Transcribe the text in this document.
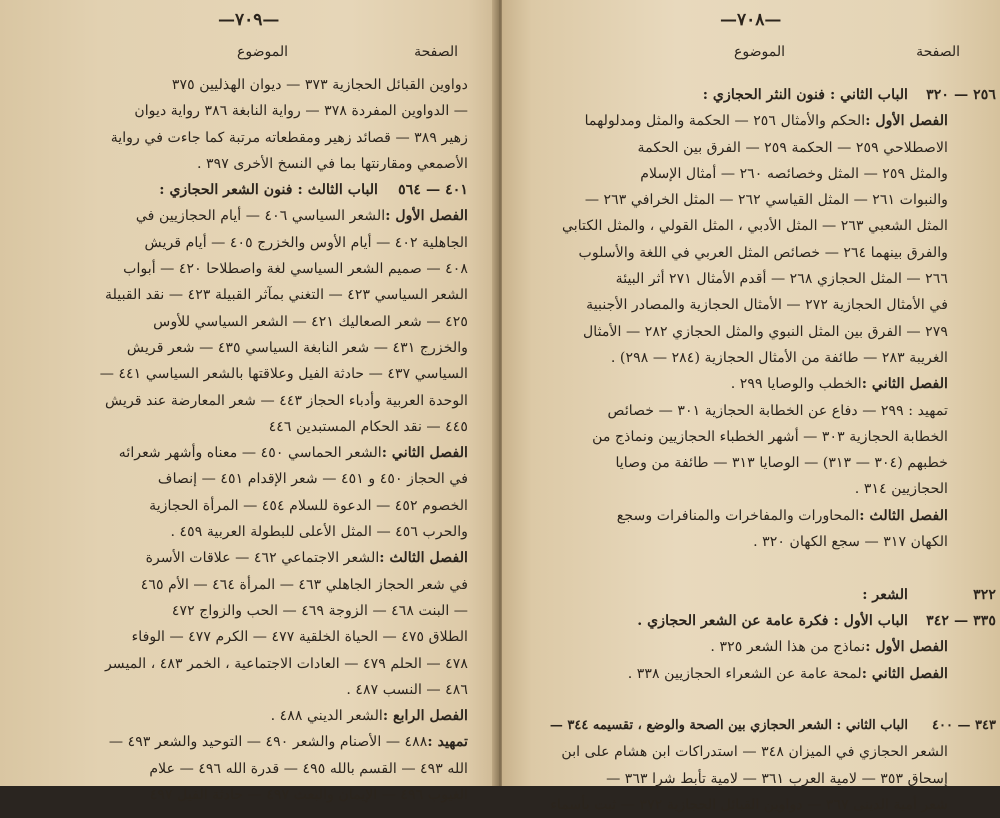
—٧٠٩—
الموضوع	الصفحة
دواوين القبائل الحجازية ٣٧٣ — ديوان الهذليين ٣٧٥
— الدواوين المفردة ٣٧٨ — رواية النابغة ٣٨٦ رواية ديوان
زهير ٣٨٩ — قصائد زهير ومقطعاته مرتبة كما جاءت في رواية
الأصمعي ومقارنتها بما في النسخ الأخرى ٣٩٧ .
٤٠١ — ٥٦٤
الباب الثالث : فنون الشعر الحجازي :
الفصل الأول :الشعر السياسي ٤٠٦ — أيام الحجازيين في
الجاهلية ٤٠٢ — أيام الأوس والخزرج ٤٠٥ — أيام قريش
٤٠٨ — صميم الشعر السياسي لغة واصطلاحا ٤٢٠ — أبواب
الشعر السياسي ٤٢٣ — التغني بمآثر القبيلة ٤٢٣ — نقد القبيلة
٤٢٥ — شعر الصعاليك ٤٢١ — الشعر السياسي للأوس
والخزرج ٤٣١ — شعر النابغة السياسي ٤٣٥ — شعر قريش
السياسي ٤٣٧ — حادثة الفيل وعلاقتها بالشعر السياسي ٤٤١ —
الوحدة العربية وأدباء الحجاز ٤٤٣ — شعر المعارضة عند قريش
٤٤٥ — نقد الحكام المستبدين ٤٤٦
الفصل الثاني :الشعر الحماسي ٤٥٠ — معناه وأشهر شعرائه
في الحجاز ٤٥٠ و ٤٥١ — شعر الإقدام ٤٥١ — إنصاف
الخصوم ٤٥٢ — الدعوة للسلام ٤٥٤ — المرأة الحجازية
والحرب ٤٥٦ — المثل الأعلى للبطولة العربية ٤٥٩ .
الفصل الثالث :الشعر الاجتماعي ٤٦٢ — علاقات الأسرة
في شعر الحجاز الجاهلي ٤٦٣ — المرأة ٤٦٤ — الأم ٤٦٥
— البنت ٤٦٨ — الزوجة ٤٦٩ — الحب والزواج ٤٧٢
الطلاق ٤٧٥ — الحياة الخلقية ٤٧٧ — الكرم ٤٧٧ — الوفاء
٤٧٨ — الحلم ٤٧٩ — العادات الاجتماعية ، الخمر ٤٨٣ ، الميسر
٤٨٦ — النسب ٤٨٧ .
الفصل الرابع :الشعر الديني ٤٨٨ .
تمهيد :٤٨٨ — الأصنام والشعر ٤٩٠ — التوحيد والشعر ٤٩٣ —
الله ٤٩٣ — القسم بالله ٤٩٥ — قدرة الله ٤٩٦ — علام
الغيوب ٤٩٦ — الإيمان والبعث ٤٩٧ — حادثة الفيل ٤٩٧
—٧٠٨—
الموضوع	الصفحة
٢٥٦ — ٣٢٠
الباب الثاني : فنون النثر الحجازي :
الفصل الأول :الحكم والأمثال ٢٥٦ — الحكمة والمثل ومدلولهما
الاصطلاحي ٢٥٩ — الحكمة ٢٥٩ — الفرق بين الحكمة
والمثل ٢٥٩ — المثل وخصائصه ٢٦٠ — أمثال الإسلام
والنبوات ٢٦١ — المثل القياسي ٢٦٢ — المثل الخرافي ٢٦٣ —
المثل الشعبي ٢٦٣ — المثل الأدبي ، المثل القولي ، والمثل الكتابي
والفرق بينهما ٢٦٤ — خصائص المثل العربي في اللغة والأسلوب
٢٦٦ — المثل الحجازي ٢٦٨ — أقدم الأمثال ٢٧١ أثر البيئة
في الأمثال الحجازية ٢٧٢ — الأمثال الحجازية والمصادر الأجنبية
٢٧٩ — الفرق بين المثل النبوي والمثل الحجازي ٢٨٢ — الأمثال
الغريبة ٢٨٣ — طائفة من الأمثال الحجازية (٢٨٤ — ٢٩٨) .
الفصل الثاني :الخطب والوصايا ٢٩٩ .
تمهيد : ٢٩٩ — دفاع عن الخطابة الحجازية ٣٠١ — خصائص
الخطابة الحجازية ٣٠٣ — أشهر الخطباء الحجازيين ونماذج من
خطبهم (٣٠٤ — ٣١٣) — الوصايا ٣١٣ — طائفة من وصايا
الحجازيين ٣١٤ .
الفصل الثالث :المحاورات والمفاخرات والمنافرات وسجع
الكهان ٣١٧ — سجع الكهان ٣٢٠ .
٣٢٢
الشعر :
٣٣٥ — ٣٤٢
الباب الأول : فكرة عامة عن الشعر الحجازي .
الفصل الأول :نماذج من هذا الشعر ٣٢٥ .
الفصل الثاني :لمحة عامة عن الشعراء الحجازيين ٣٣٨ .
٣٤٣ — ٤٠٠
الباب الثاني : الشعر الحجازي بين الصحة والوضع ، تقسيمه ٣٤٤ —
الشعر الحجازي في الميزان ٣٤٨ — استدراكات ابن هشام على ابن
إسحاق ٣٥٣ — لامية العرب ٣٦١ — لامية تأبط شرا ٣٦٣ —
شعر أمية الدينى ٣٦٧ — دواوين القبائل الحجازية ٣٧٢ — ثبت بأسماء
